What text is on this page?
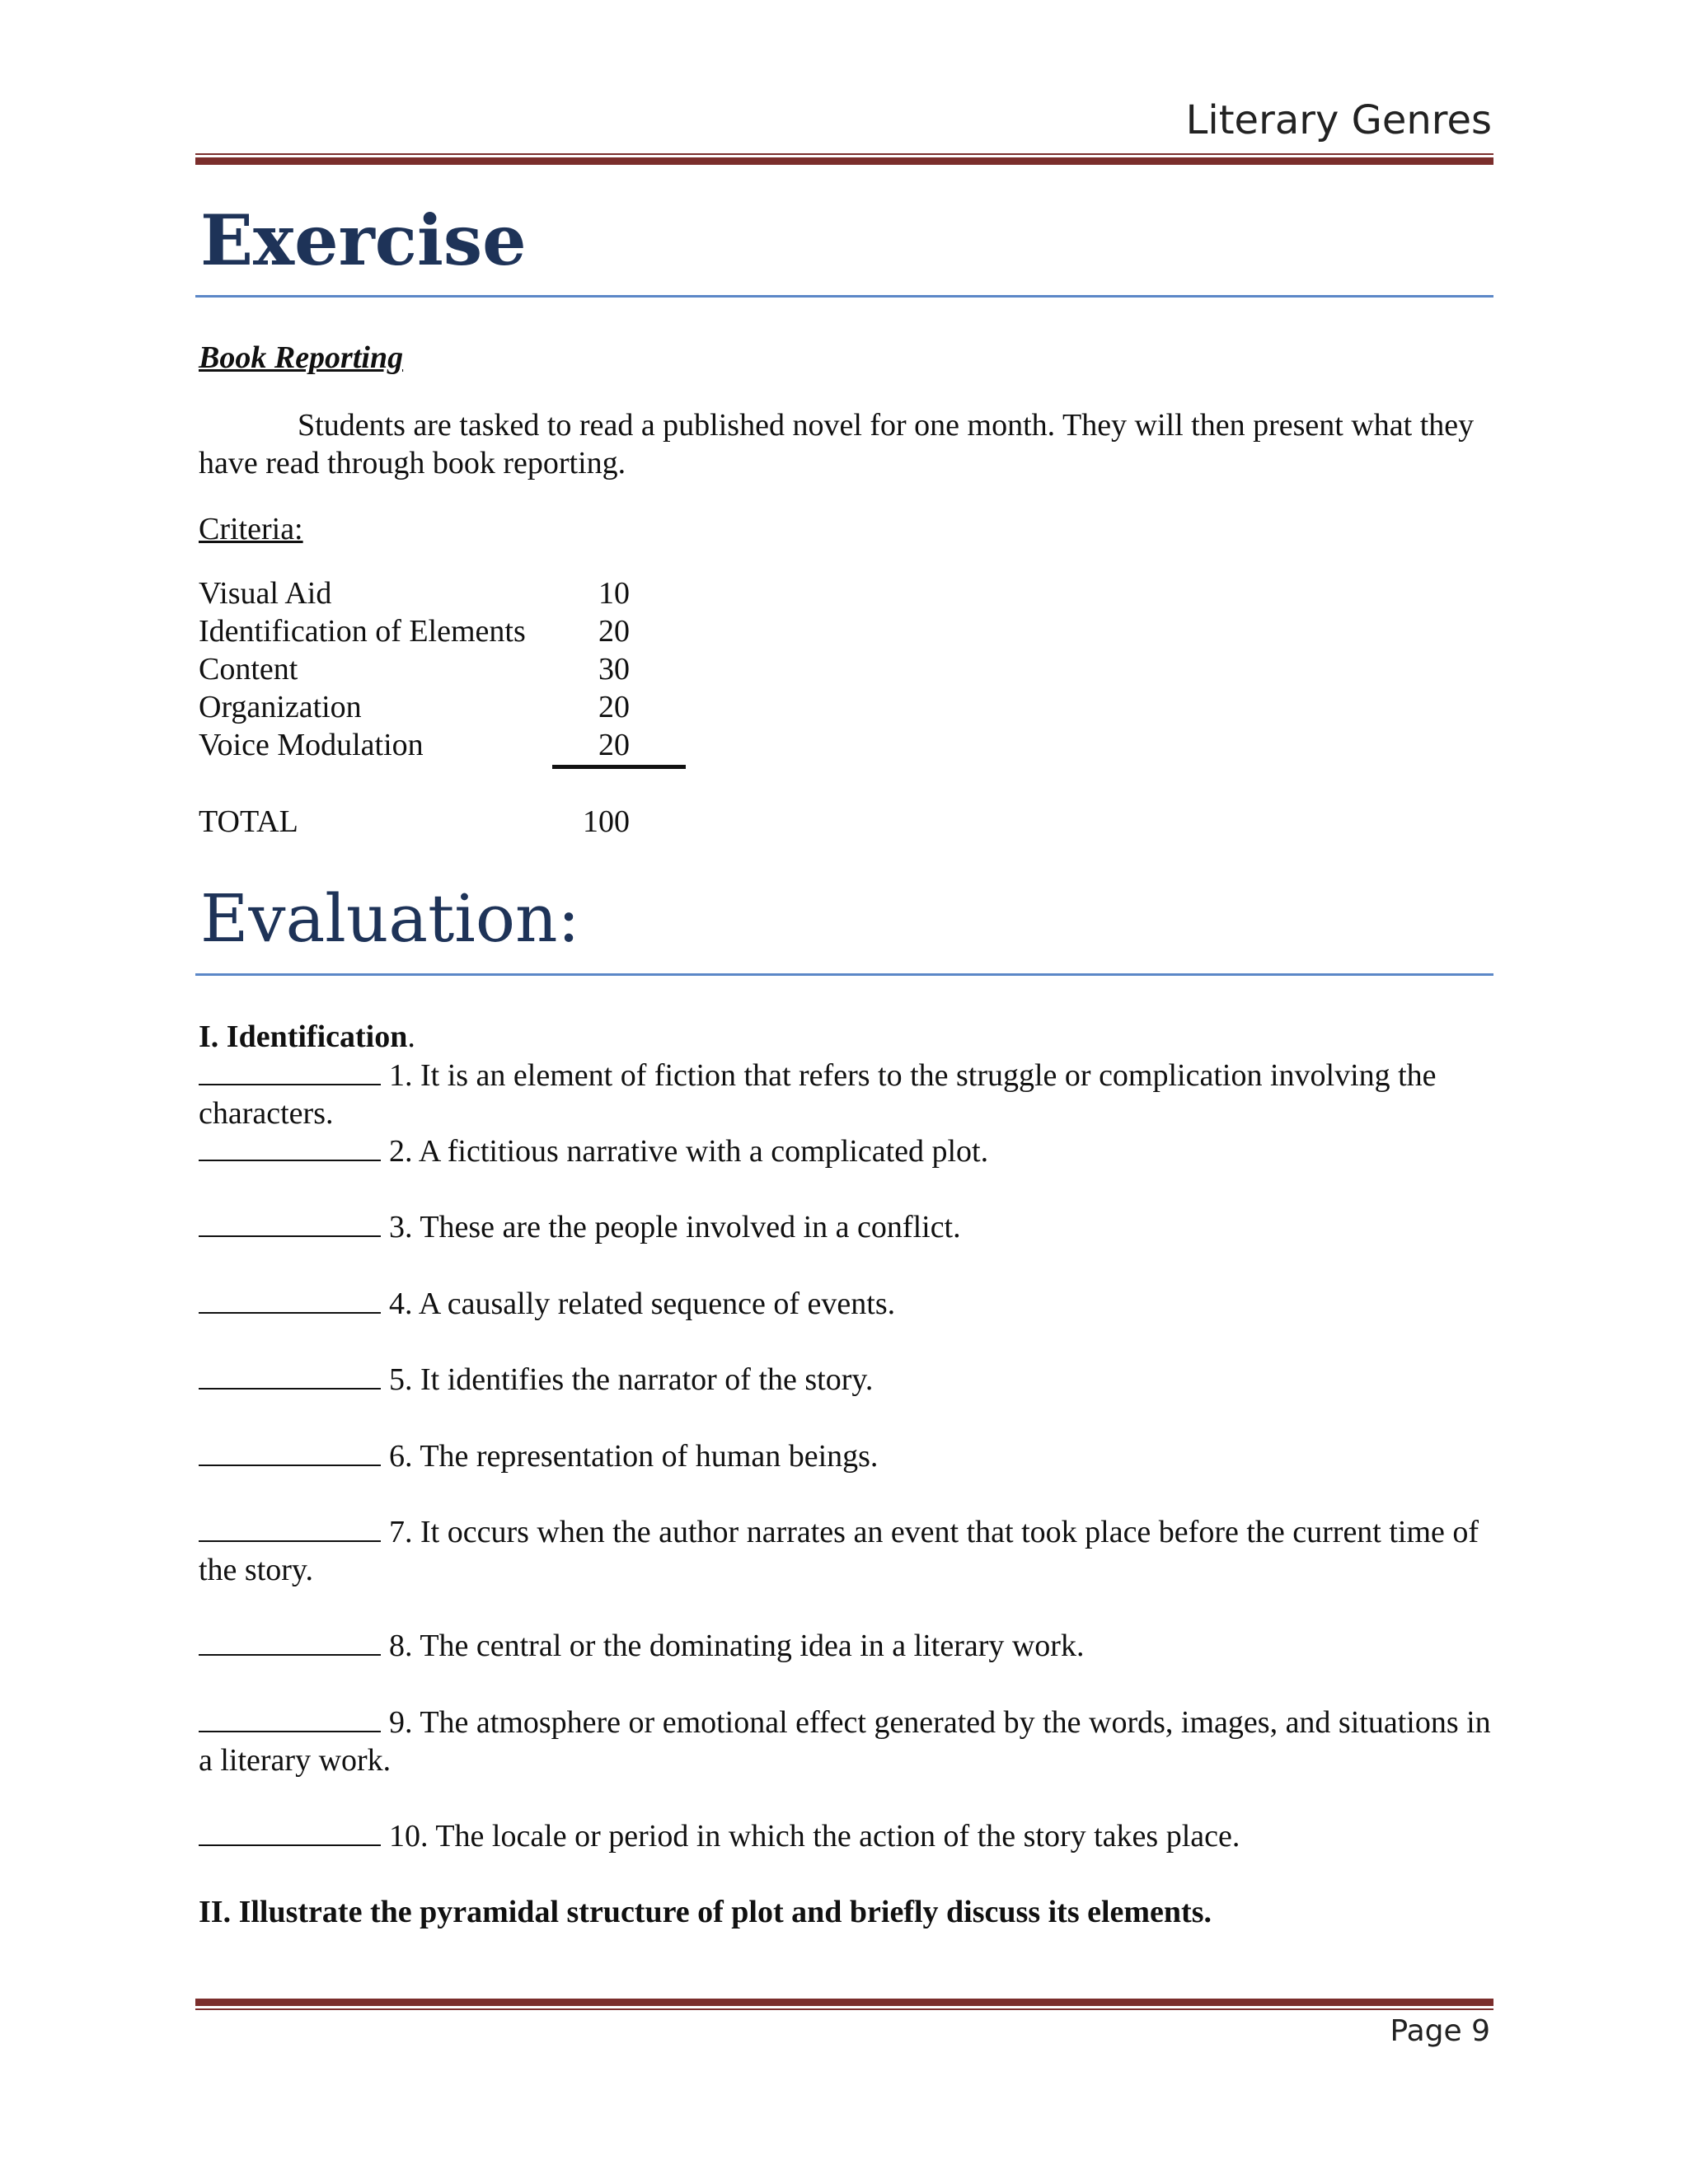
Literary Genres
Exercise
Book Reporting
Students are tasked to read a published novel for one month. They will then present what they have read through book reporting.
Criteria:
Visual Aid	10
Identification of Elements	20
Content	30
Organization	20
Voice Modulation	20
TOTAL	100
Evaluation:
I. Identification.
1. It is an element of fiction that refers to the struggle or complication involving the characters.
2. A fictitious narrative with a complicated plot.
3. These are the people involved in a conflict.
4. A causally related sequence of events.
5. It identifies the narrator of the story.
6. The representation of human beings.
7. It occurs when the author narrates an event that took place before the current time of the story.
8. The central or the dominating idea in a literary work.
9. The atmosphere or emotional effect generated by the words, images, and situations in a literary work.
10. The locale or period in which the action of the story takes place.
II. Illustrate the pyramidal structure of plot and briefly discuss its elements.
Page 9
